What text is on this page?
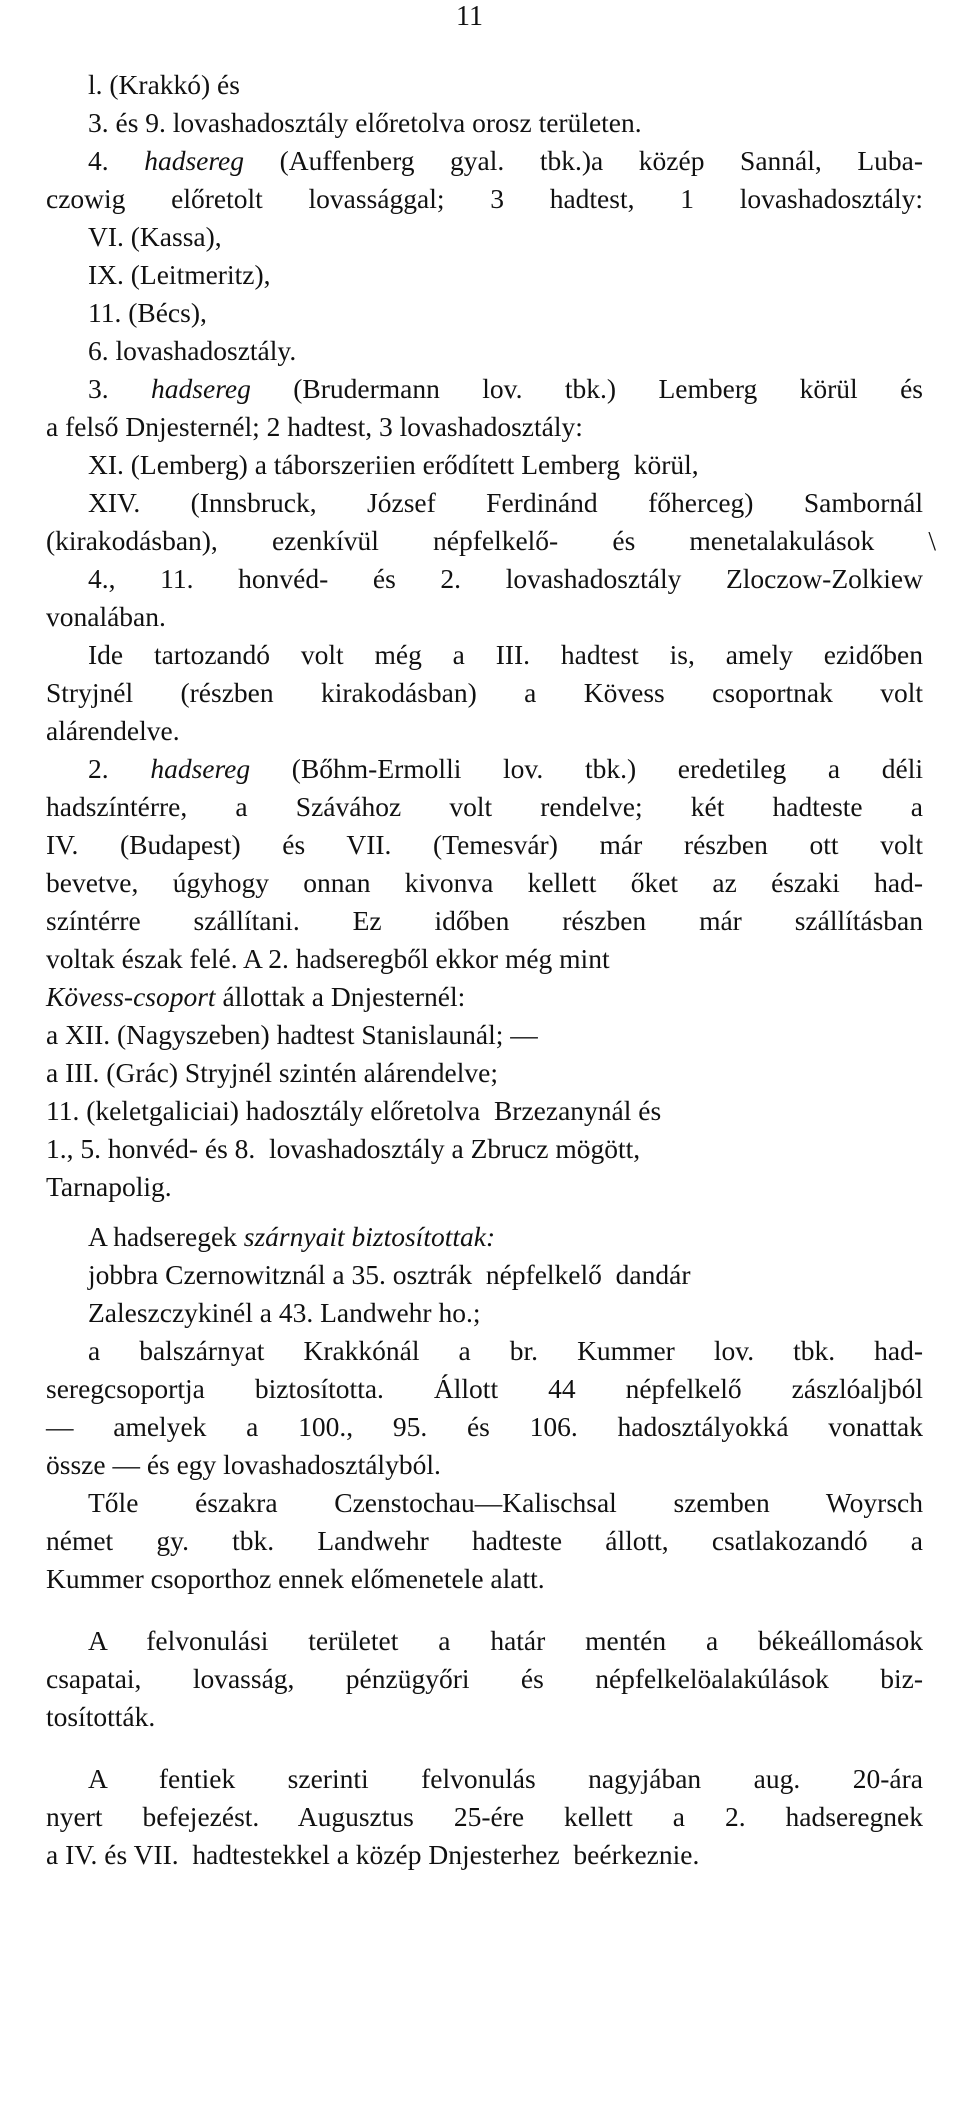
11
l. (Krakkó) és
3. és 9. lovashadosztály előretolva orosz területen.
4. hadsereg (Auffenberg gyal. tbk.)a közép Sannál, Luba-
czowig előretolt lovassággal; 3 hadtest, 1 lovashadosztály:
VI. (Kassa),
IX. (Leitmeritz),
11. (Bécs),
6. lovashadosztály.
3. hadsereg (Brudermann lov. tbk.) Lemberg körül és
a felső Dnjesternél; 2 hadtest, 3 lovashadosztály:
XI. (Lemberg) a táborszeriien erődített Lemberg  körül,
XIV. (Innsbruck, József Ferdinánd főherceg) Sambornál
(kirakodásban), ezenkívül népfelkelő- és menetalakulások \
4., 11. honvéd- és 2. lovashadosztály Zloczow-Zolkiew
vonalában.
Ide tartozandó volt még a III. hadtest is, amely ezidőben
Stryjnél (részben kirakodásban) a Kövess csoportnak volt
alárendelve.
2. hadsereg (Bőhm-Ermolli lov. tbk.) eredetileg a déli
hadszíntérre, a Szávához volt rendelve; két hadteste a
IV. (Budapest) és VII. (Temesvár) már részben ott volt
bevetve, úgyhogy onnan kivonva kellett őket az északi had-
színtérre szállítani. Ez időben részben már szállításban
voltak észak felé. A 2. hadseregből ekkor még mint
Kövess-csoport állottak a Dnjesternél:
a XII. (Nagyszeben) hadtest Stanislaunál; —
a III. (Grác) Stryjnél szintén alárendelve;
11. (keletgaliciai) hadosztály előretolva  Brzezanynál és
1., 5. honvéd- és 8.  lovashadosztály a Zbrucz mögött,
Tarnapolig.
A hadseregek szárnyait biztosítottak:
jobbra Czernowitznál a 35. osztrák  népfelkelő  dandár
Zaleszczykinél a 43. Landwehr ho.;
a balszárnyat Krakkónál a br. Kummer lov. tbk. had-
seregcsoportja biztosította. Állott 44 népfelkelő zászlóaljból
— amelyek a 100., 95. és 106. hadosztályokká vonattak
össze — és egy lovashadosztályból.
Tőle északra Czenstochau—Kalischsal szemben Woyrsch
német gy. tbk. Landwehr hadteste állott, csatlakozandó a
Kummer csoporthoz ennek előmenetele alatt.
A felvonulási területet a határ mentén a békeállomások
csapatai, lovasság, pénzügyőri és népfelkelöalakúlások biz-
tosították.
A fentiek szerinti felvonulás nagyjában aug. 20-ára
nyert befejezést. Augusztus 25-ére kellett a 2. hadseregnek
a IV. és VII.  hadtestekkel a közép Dnjesterhez  beérkeznie.
